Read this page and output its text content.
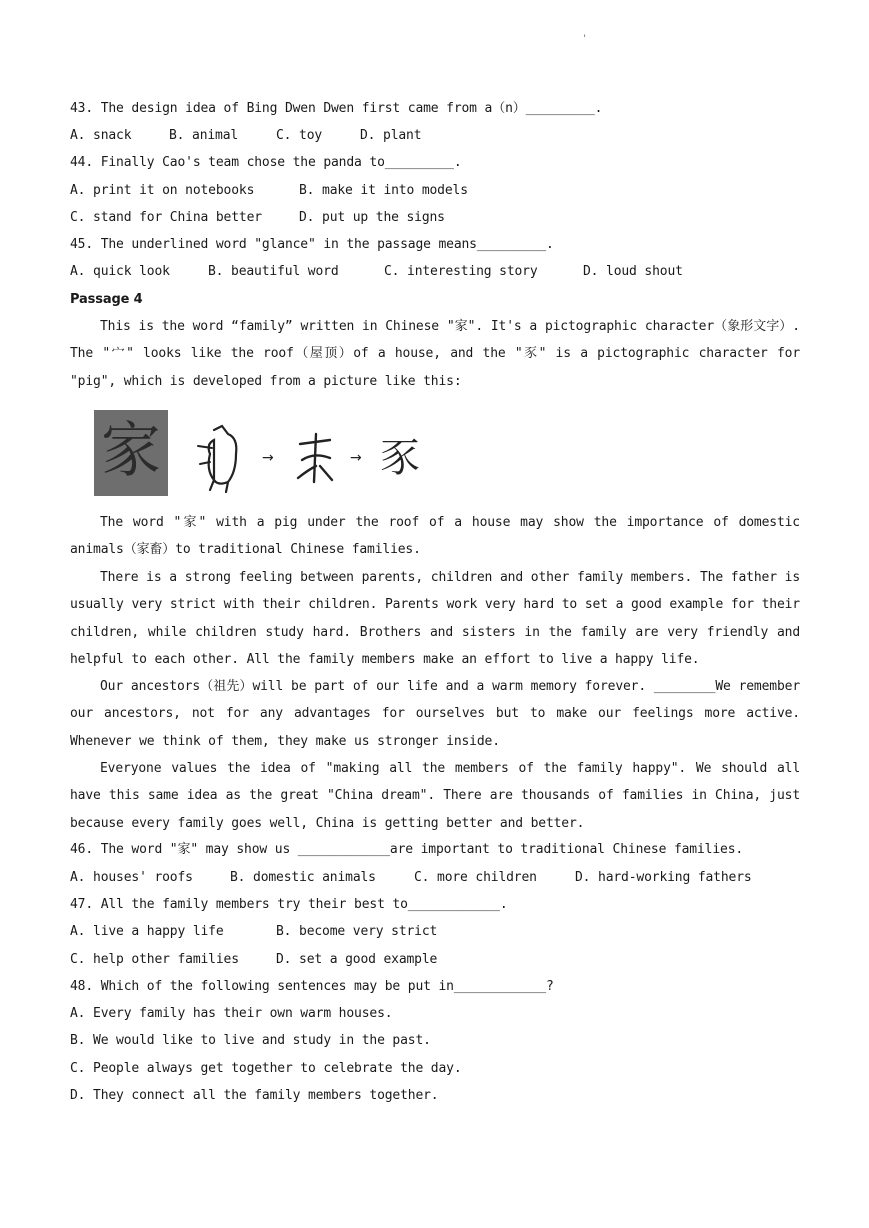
'
43. The design idea of Bing Dwen Dwen first came from a（n）_________.
A. snack	B. animal	C. toy	D. plant
44. Finally Cao's team chose the panda to_________.
A. print it on notebooks	B. make it into models
C. stand for China better	D. put up the signs
45. The underlined word "glance" in the passage means_________.
A. quick look	B. beautiful word	C. interesting story	D. loud shout
Passage 4
This is the word “family” written in Chinese "家". It's a pictographic character（象形文字）. The "宀" looks like the roof（屋顶）of a house, and the "豕" is a pictographic character for "pig", which is developed from a picture like this:
家	→	→ 豕
The word "家" with a pig under the roof of a house may show the importance of domestic animals（家畜）to traditional Chinese families.
There is a strong feeling between parents, children and other family members. The father is usually very strict with their children. Parents work very hard to set a good example for their children, while children study hard. Brothers and sisters in the family are very friendly and helpful to each other. All the family members make an effort to live a happy life.
Our ancestors（祖先）will be part of our life and a warm memory forever. ________We remember our ancestors, not for any advantages for ourselves but to make our feelings more active. Whenever we think of them, they make us stronger inside.
Everyone values the idea of "making all the members of the family happy". We should all have this same idea as the great "China dream". There are thousands of families in China, just because every family goes well, China is getting better and better.
46. The word "家" may show us ____________are important to traditional Chinese families.
A. houses' roofs	B. domestic animals	C. more children	D. hard-working fathers
47. All the family members try their best to____________.
A. live a happy life	B. become very strict
C. help other families	D. set a good example
48. Which of the following sentences may be put in____________?
A. Every family has their own warm houses.
B. We would like to live and study in the past.
C. People always get together to celebrate the day.
D. They connect all the family members together.
